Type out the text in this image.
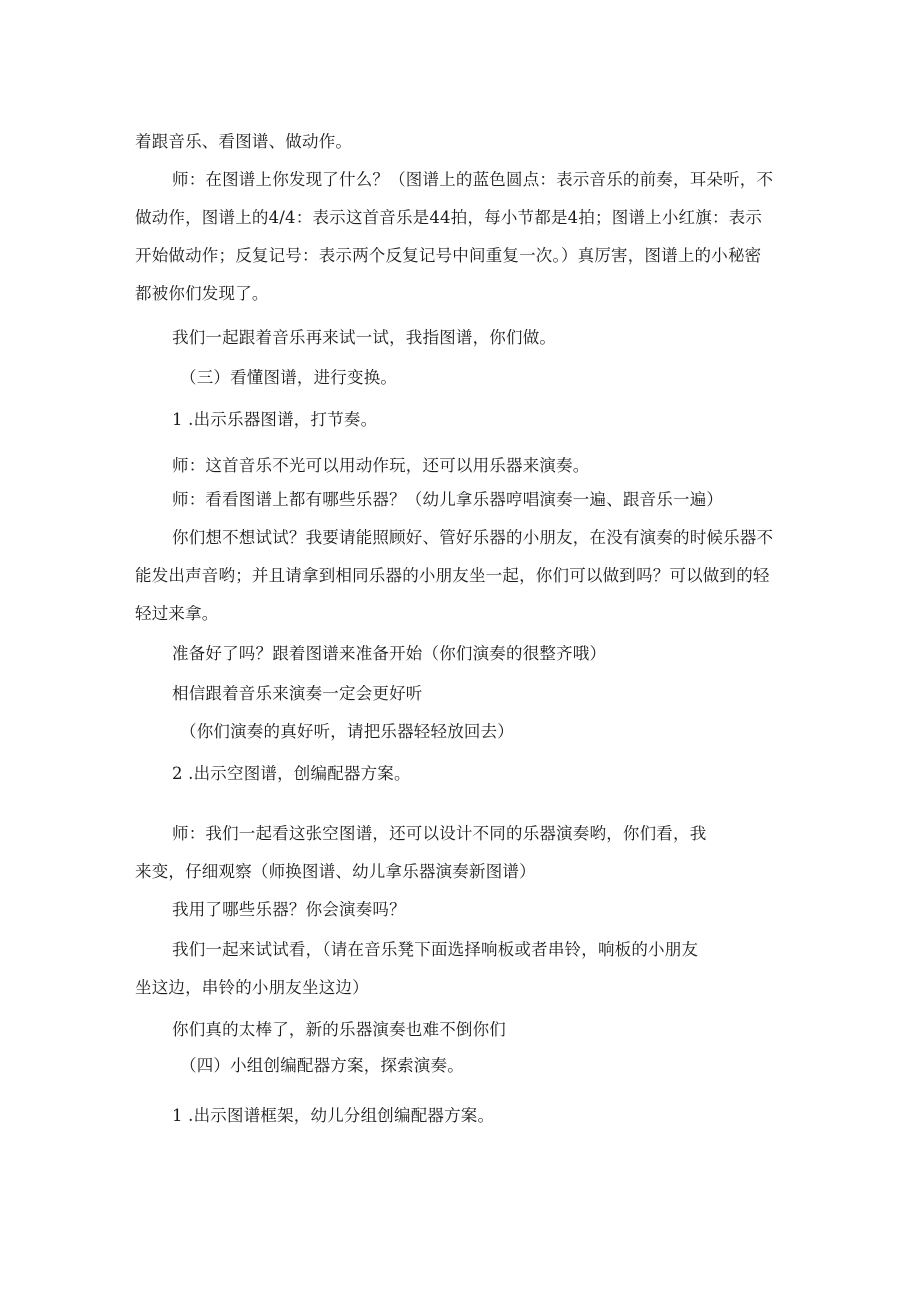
着跟音乐、看图谱、做动作。
师：在图谱上你发现了什么？（图谱上的蓝色圆点：表示音乐的前奏，耳朵听，不
做动作，图谱上的4/4：表示这首音乐是44拍，每小节都是4拍；图谱上小红旗：表示
开始做动作；反复记号：表示两个反复记号中间重复一次。）真厉害，图谱上的小秘密
都被你们发现了。
我们一起跟着音乐再来试一试，我指图谱，你们做。
（三）看懂图谱，进行变换。
1 .出示乐器图谱，打节奏。
师：这首音乐不光可以用动作玩，还可以用乐器来演奏。
师：看看图谱上都有哪些乐器？（幼儿拿乐器哼唱演奏一遍、跟音乐一遍）
你们想不想试试？我要请能照顾好、管好乐器的小朋友，在没有演奏的时候乐器不
能发出声音哟；并且请拿到相同乐器的小朋友坐一起，你们可以做到吗？可以做到的轻
轻过来拿。
准备好了吗？跟着图谱来准备开始（你们演奏的很整齐哦）
相信跟着音乐来演奏一定会更好听
（你们演奏的真好听，请把乐器轻轻放回去）
2 .出示空图谱，创编配器方案。
师：我们一起看这张空图谱，还可以设计不同的乐器演奏哟，你们看，我
来变，仔细观察（师换图谱、幼儿拿乐器演奏新图谱）
我用了哪些乐器？你会演奏吗？
我们一起来试试看，（请在音乐凳下面选择响板或者串铃，响板的小朋友
坐这边，串铃的小朋友坐这边）
你们真的太棒了，新的乐器演奏也难不倒你们
（四）小组创编配器方案，探索演奏。
1 .出示图谱框架，幼儿分组创编配器方案。
